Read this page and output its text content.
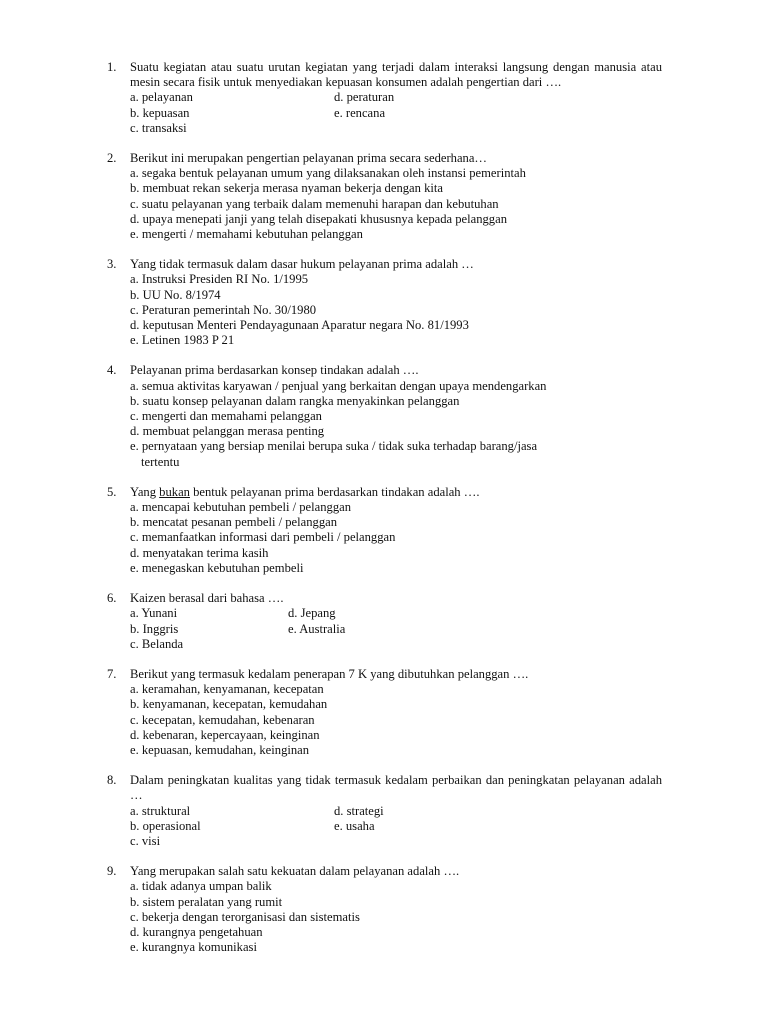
1. Suatu kegiatan atau suatu urutan kegiatan yang terjadi dalam interaksi langsung dengan manusia atau mesin secara fisik untuk menyediakan kepuasan konsumen adalah pengertian dari ….
a. pelayanan	d. peraturan
b. kepuasan	e. rencana
c. transaksi
2. Berikut ini merupakan pengertian pelayanan prima secara sederhana…
a. segaka bentuk pelayanan umum yang dilaksanakan oleh instansi pemerintah
b. membuat rekan sekerja merasa nyaman bekerja dengan kita
c. suatu pelayanan yang terbaik dalam memenuhi harapan dan kebutuhan
d. upaya menepati janji yang telah disepakati khususnya kepada pelanggan
e. mengerti / memahami kebutuhan pelanggan
3. Yang tidak termasuk dalam dasar hukum pelayanan prima adalah …
a. Instruksi Presiden RI No. 1/1995
b. UU No. 8/1974
c. Peraturan pemerintah No. 30/1980
d. keputusan Menteri Pendayagunaan Aparatur negara No. 81/1993
e. Letinen 1983 P 21
4. Pelayanan prima berdasarkan konsep tindakan adalah ….
a. semua aktivitas karyawan / penjual yang berkaitan dengan upaya mendengarkan
b. suatu konsep pelayanan dalam rangka menyakinkan pelanggan
c. mengerti dan memahami pelanggan
d. membuat pelanggan merasa penting
e. pernyataan yang bersiap menilai berupa suka / tidak suka terhadap barang/jasa
tertentu
5. Yang bukan bentuk pelayanan prima berdasarkan tindakan adalah ….
a. mencapai kebutuhan pembeli / pelanggan
b. mencatat pesanan pembeli / pelanggan
c. memanfaatkan informasi dari pembeli / pelanggan
d. menyatakan terima kasih
e. menegaskan kebutuhan pembeli
6. Kaizen berasal dari bahasa ….
a. Yunani	d. Jepang
b. Inggris	e. Australia
c. Belanda
7. Berikut yang termasuk kedalam penerapan 7 K yang dibutuhkan pelanggan ….
a. keramahan, kenyamanan, kecepatan
b. kenyamanan, kecepatan, kemudahan
c. kecepatan, kemudahan, kebenaran
d. kebenaran, kepercayaan, keinginan
e. kepuasan, kemudahan, keinginan
8. Dalam peningkatan kualitas yang tidak termasuk kedalam perbaikan dan peningkatan pelayanan adalah …
a. struktural	d. strategi
b. operasional	e. usaha
c. visi
9. Yang merupakan salah satu kekuatan dalam pelayanan adalah ….
a. tidak adanya umpan balik
b. sistem peralatan yang rumit
c. bekerja dengan terorganisasi dan sistematis
d. kurangnya pengetahuan
e. kurangnya komunikasi
